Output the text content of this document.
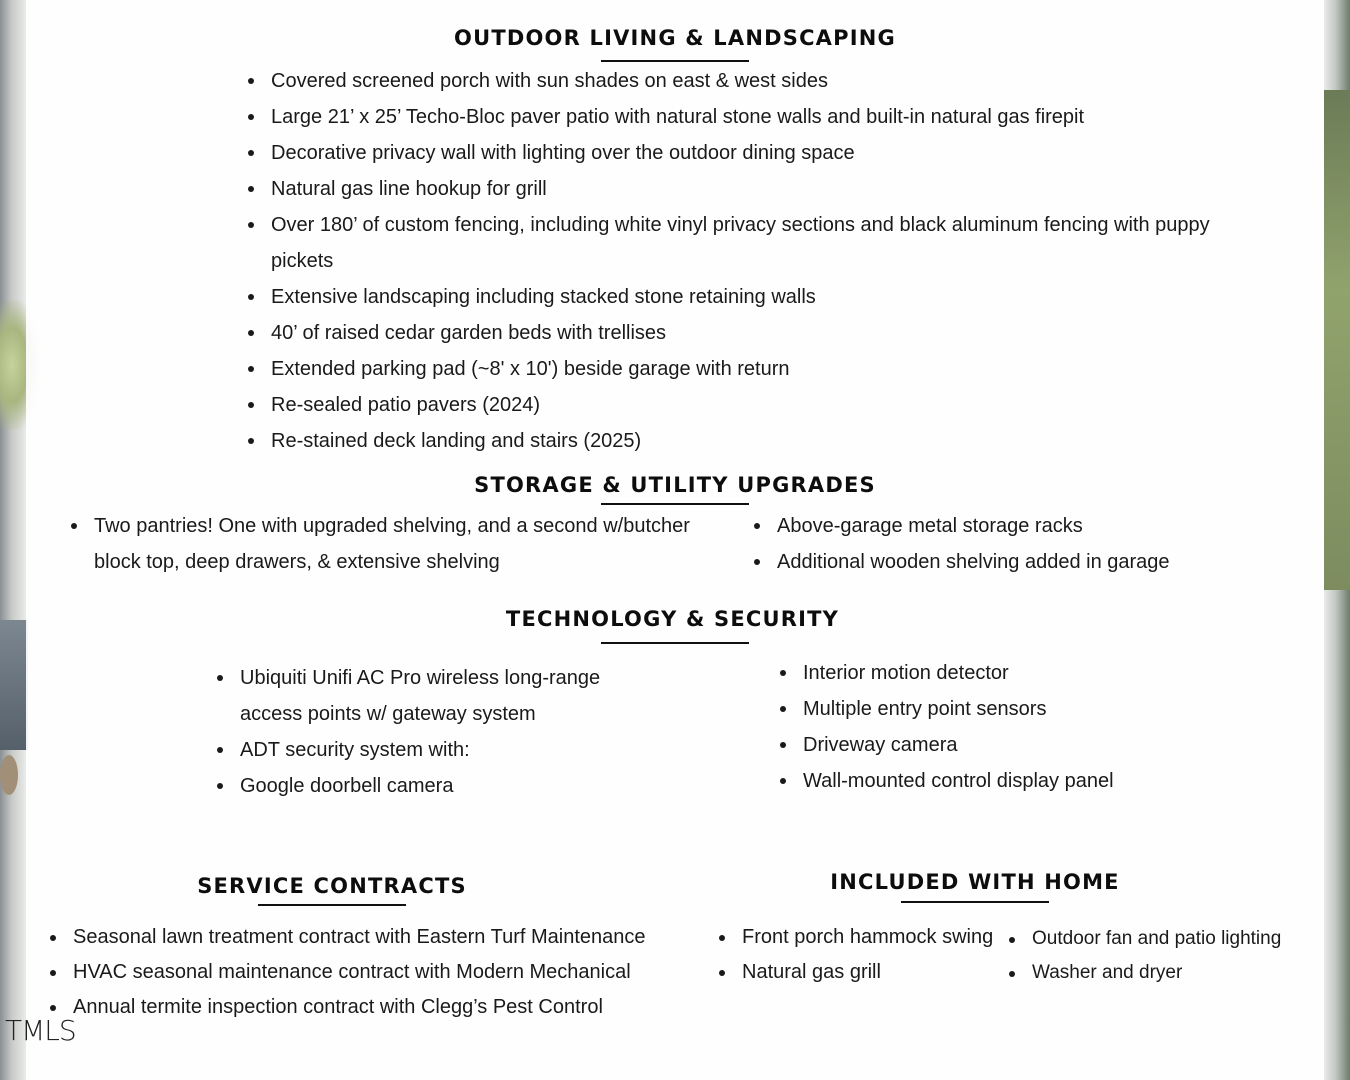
OUTDOOR LIVING & LANDSCAPING
Covered screened porch with sun shades on east & west sides
Large 21’ x 25’ Techo-Bloc paver patio with natural stone walls and built-in natural gas firepit
Decorative privacy wall with lighting over the outdoor dining space
Natural gas line hookup for grill
Over 180’ of custom fencing, including white vinyl privacy sections and black aluminum fencing with puppy pickets
Extensive landscaping including stacked stone retaining walls
40’ of raised cedar garden beds with trellises
Extended parking pad (~8' x 10') beside garage with return
Re-sealed patio pavers (2024)
Re-stained deck landing and stairs (2025)
STORAGE & UTILITY UPGRADES
Two pantries! One with upgraded shelving, and a second w/butcher block top, deep drawers, & extensive shelving
Above-garage metal storage racks
Additional wooden shelving added in garage
TECHNOLOGY & SECURITY
Ubiquiti Unifi AC Pro wireless long-range access points w/ gateway system
ADT security system with:
Google doorbell camera
Interior motion detector
Multiple entry point sensors
Driveway camera
Wall-mounted control display panel
SERVICE CONTRACTS
Seasonal lawn treatment contract with Eastern Turf Maintenance
HVAC seasonal maintenance contract with Modern Mechanical
Annual termite inspection contract with Clegg’s Pest Control
INCLUDED WITH HOME
Front porch hammock swing
Natural gas grill
Outdoor fan and patio lighting
Washer and dryer
TMLS
